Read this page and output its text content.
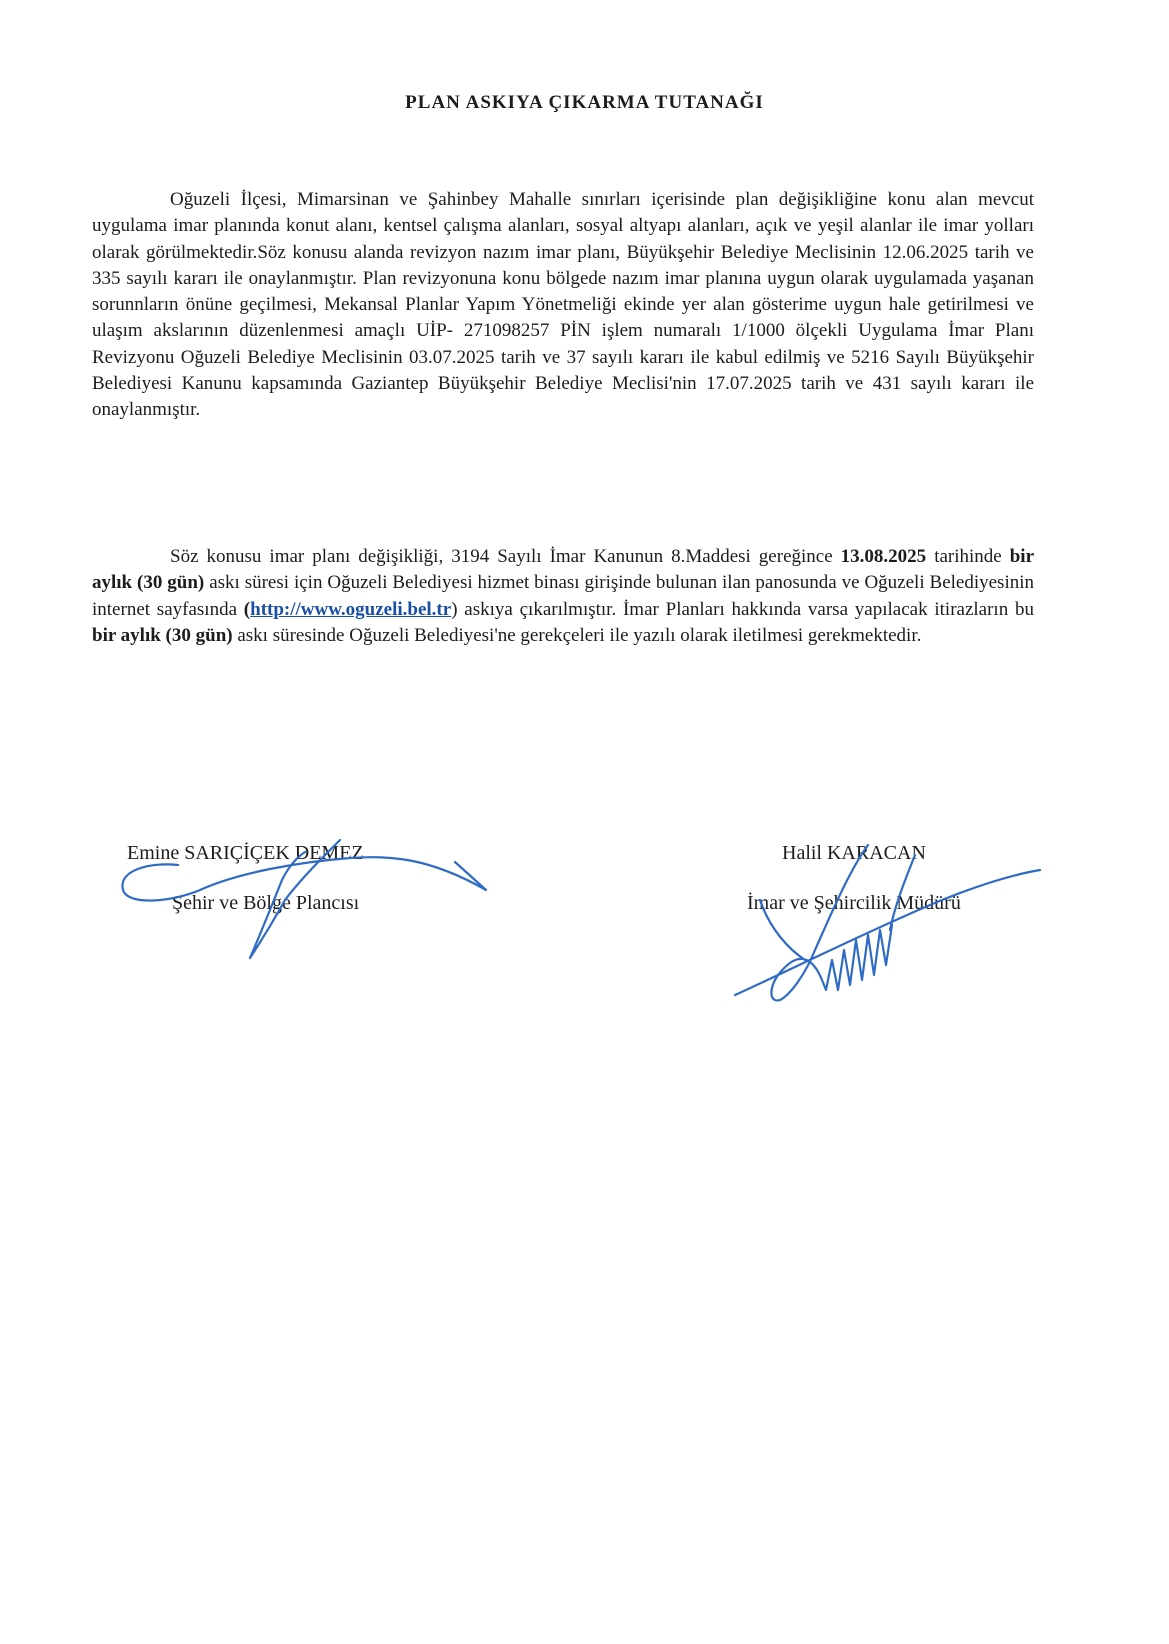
PLAN ASKIYA ÇIKARMA TUTANAĞI

Oğuzeli İlçesi, Mimarsinan ve Şahinbey Mahalle sınırları içerisinde plan değişikliğine konu alan mevcut uygulama imar planında konut alanı, kentsel çalışma alanları, sosyal altyapı alanları, açık ve yeşil alanlar ile imar yolları olarak görülmektedir.Söz konusu alanda revizyon nazım imar planı, Büyükşehir Belediye Meclisinin 12.06.2025 tarih ve 335 sayılı kararı ile onaylanmıştır. Plan revizyonuna konu bölgede nazım imar planına uygun olarak uygulamada yaşanan sorunnların önüne geçilmesi, Mekansal Planlar Yapım Yönetmeliği ekinde yer alan gösterime uygun hale getirilmesi ve ulaşım akslarının düzenlenmesi amaçlı UİP- 271098257 PİN işlem numaralı 1/1000 ölçekli Uygulama İmar Planı Revizyonu Oğuzeli Belediye Meclisinin 03.07.2025 tarih ve 37 sayılı kararı ile kabul edilmiş ve 5216 Sayılı Büyükşehir Belediyesi Kanunu kapsamında Gaziantep Büyükşehir Belediye Meclisi'nin 17.07.2025 tarih ve 431 sayılı kararı ile onaylanmıştır.

Söz konusu imar planı değişikliği, 3194 Sayılı İmar Kanunun 8.Maddesi gereğince 13.08.2025 tarihinde bir aylık (30 gün) askı süresi için Oğuzeli Belediyesi hizmet binası girişinde bulunan ilan panosunda ve Oğuzeli Belediyesinin internet sayfasında (http://www.oguzeli.bel.tr) askıya çıkarılmıştır. İmar Planları hakkında varsa yapılacak itirazların bu bir aylık (30 gün) askı süresinde Oğuzeli Belediyesi'ne gerekçeleri ile yazılı olarak iletilmesi gerekmektedir.

Emine SARIÇİÇEK DEMEZ
Şehir ve Bölge Plancısı
Halil KARACAN
İmar ve Şehircilik Müdürü
